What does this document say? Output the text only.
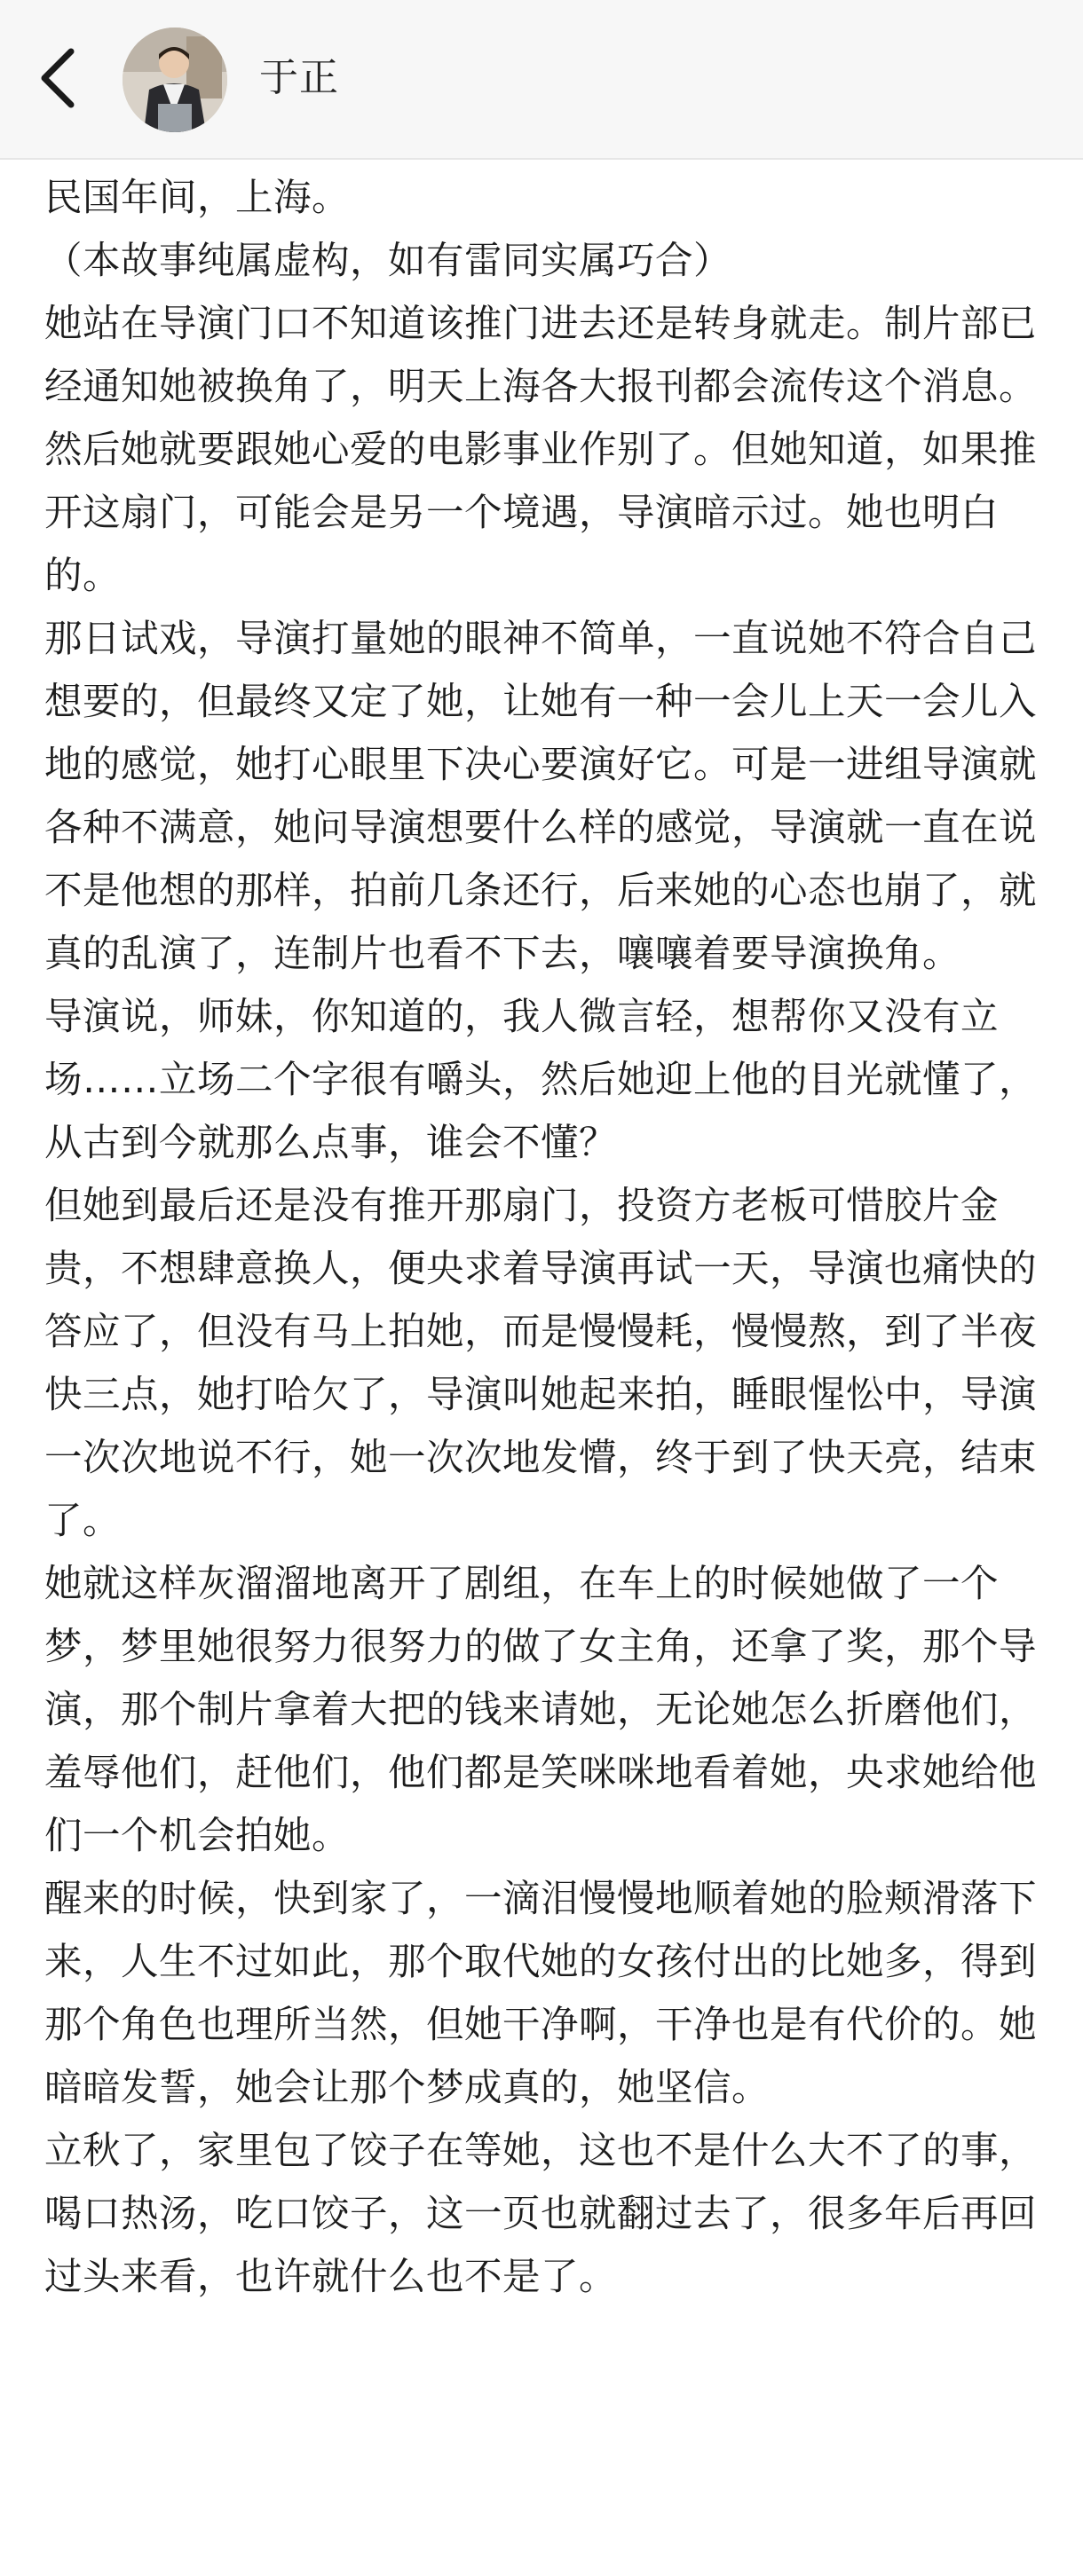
于正

民国年间，上海。

（本故事纯属虚构，如有雷同实属巧合）

她站在导演门口不知道该推门进去还是转身就走。制片部已经通知她被换角了，明天上海各大报刊都会流传这个消息。然后她就要跟她心爱的电影事业作别了。但她知道，如果推开这扇门，可能会是另一个境遇，导演暗示过。她也明白的。

那日试戏，导演打量她的眼神不简单，一直说她不符合自己想要的，但最终又定了她，让她有一种一会儿上天一会儿入地的感觉，她打心眼里下决心要演好它。可是一进组导演就各种不满意，她问导演想要什么样的感觉，导演就一直在说不是他想的那样，拍前几条还行，后来她的心态也崩了，就真的乱演了，连制片也看不下去，嚷嚷着要导演换角。

导演说，师妹，你知道的，我人微言轻，想帮你又没有立场……立场二个字很有嚼头，然后她迎上他的目光就懂了，从古到今就那么点事，谁会不懂？

但她到最后还是没有推开那扇门，投资方老板可惜胶片金贵，不想肆意换人，便央求着导演再试一天，导演也痛快的答应了，但没有马上拍她，而是慢慢耗，慢慢熬，到了半夜快三点，她打哈欠了，导演叫她起来拍，睡眼惺忪中，导演一次次地说不行，她一次次地发懵，终于到了快天亮，结束了。

她就这样灰溜溜地离开了剧组，在车上的时候她做了一个梦，梦里她很努力很努力的做了女主角，还拿了奖，那个导演，那个制片拿着大把的钱来请她，无论她怎么折磨他们，羞辱他们，赶他们，他们都是笑咪咪地看着她，央求她给他们一个机会拍她。

醒来的时候，快到家了，一滴泪慢慢地顺着她的脸颊滑落下来，人生不过如此，那个取代她的女孩付出的比她多，得到那个角色也理所当然，但她干净啊，干净也是有代价的。她暗暗发誓，她会让那个梦成真的，她坚信。

立秋了，家里包了饺子在等她，这也不是什么大不了的事，喝口热汤，吃口饺子，这一页也就翻过去了，很多年后再回过头来看，也许就什么也不是了。
